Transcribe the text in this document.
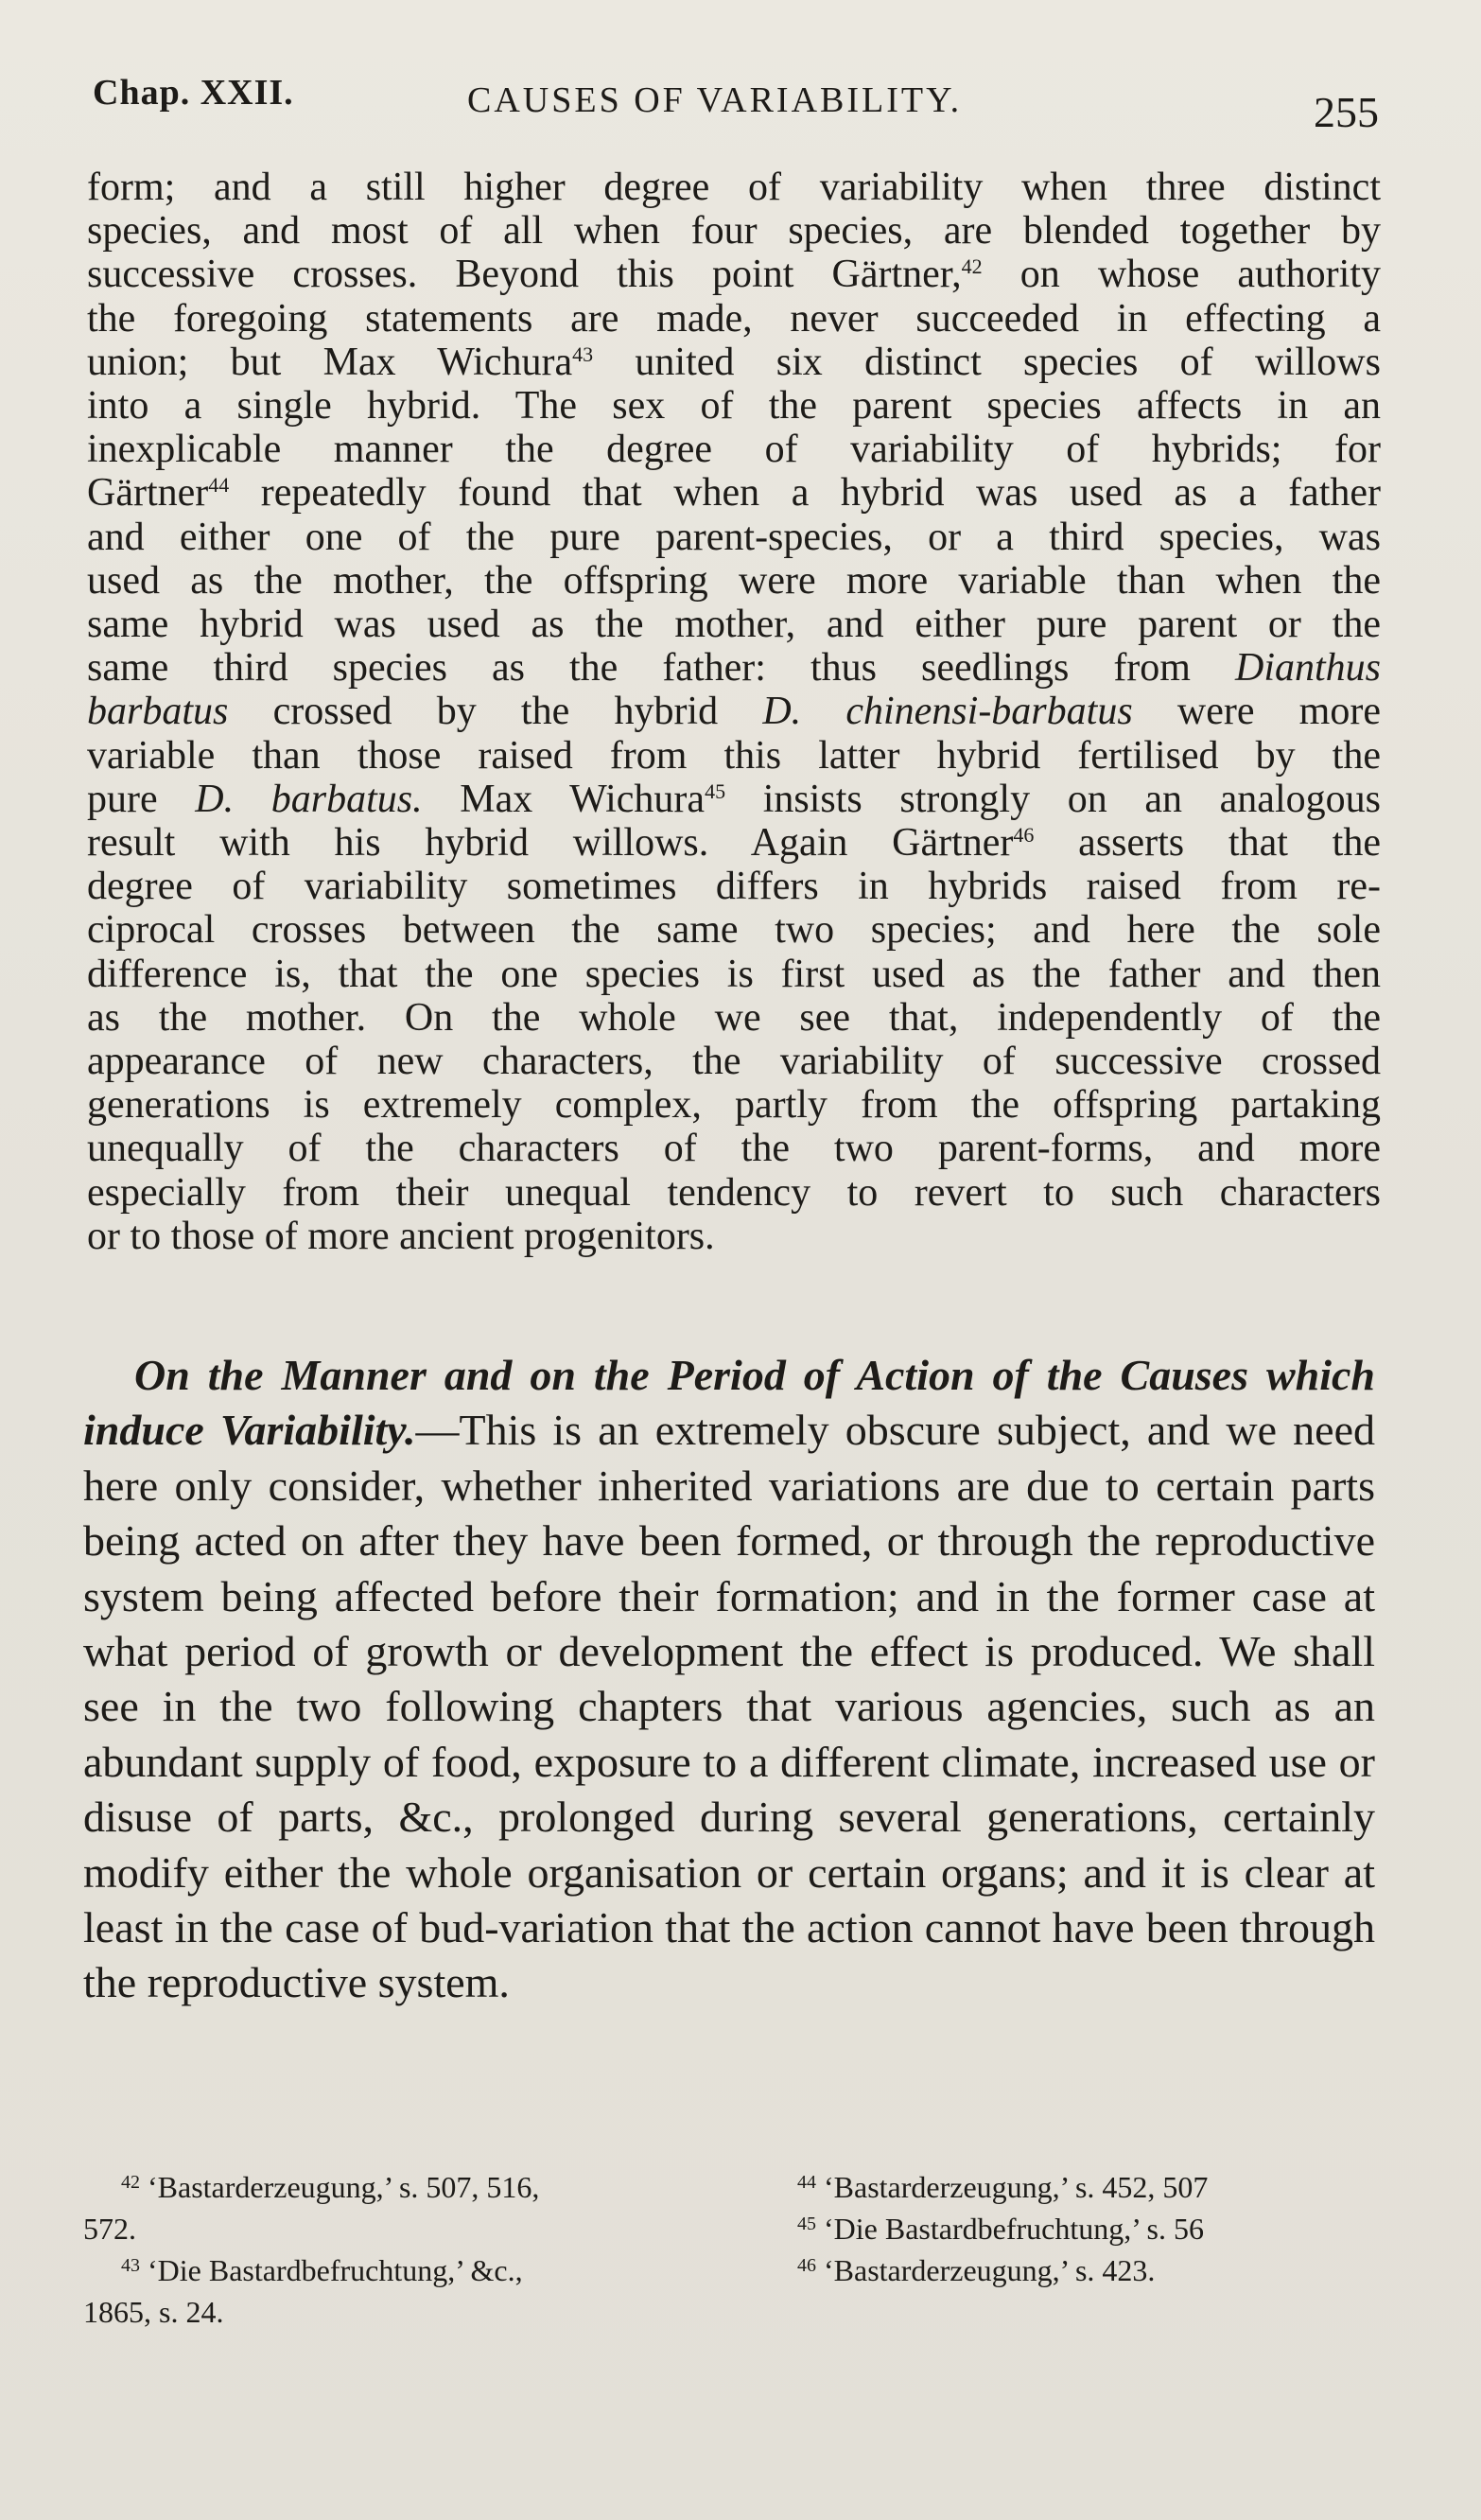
Chap. XXII.	CAUSES OF VARIABILITY.	255

form; and a still higher degree of variability when three distinct

species, and most of all when four species, are blended together by

successive crosses. Beyond this point Gärtner,$^{42}$ on whose authority

the foregoing statements are made, never succeeded in effecting a

union; but Max Wichura$^{43}$ united six distinct species of willows

into a single hybrid. The sex of the parent species affects in an

inexplicable manner the degree of variability of hybrids; for

Gärtner$^{44}$ repeatedly found that when a hybrid was used as a father

and either one of the pure parent-species, or a third species, was

used as the mother, the offspring were more variable than when the

same hybrid was used as the mother, and either pure parent or the

same third species as the father: thus seedlings from Dianthus

barbatus crossed by the hybrid D. chinensi-barbatus were more

variable than those raised from this latter hybrid fertilised by the

pure D. barbatus. Max Wichura$^{45}$ insists strongly on an analogous

result with his hybrid willows. Again Gärtner$^{46}$ asserts that the

degree of variability sometimes differs in hybrids raised from re-

ciprocal crosses between the same two species; and here the sole

difference is, that the one species is first used as the father and then

as the mother. On the whole we see that, independently of the

appearance of new characters, the variability of successive crossed

generations is extremely complex, partly from the offspring partaking

unequally of the characters of the two parent-forms, and more

especially from their unequal tendency to revert to such characters

or to those of more ancient progenitors.

On the Manner and on the Period of Action of the Causes which induce Variability.—This is an extremely obscure subject, and we need here only consider, whether inherited variations are due to certain parts being acted on after they have been formed, or through the reproductive system being affected before their formation; and in the former case at what period of growth or development the effect is produced. We shall see in the two following chapters that various agencies, such as an abundant supply of food, exposure to a different climate, increased use or disuse of parts, &c., prolonged during several generations, certainly modify either the whole organisation or certain organs; and it is clear at least in the case of bud-variation that the action cannot have been through the reproductive system.

$^{42}$ ‘Bastarderzeugung,’ s. 507, 516,

572.

$^{43}$ ‘Die Bastardbefruchtung,’ &c.,

1865, s. 24.

$^{44}$ ‘Bastarderzeugung,’ s. 452, 507

$^{45}$ ‘Die Bastardbefruchtung,’ s. 56

$^{46}$ ‘Bastarderzeugung,’ s. 423.
